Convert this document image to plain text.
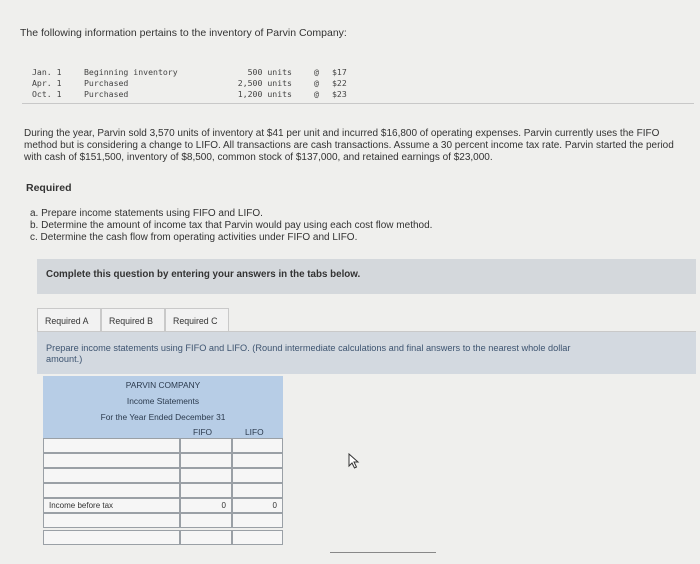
The following information pertains to the inventory of Parvin Company:
Jan. 1	Beginning inventory	500 units	@ $17
Apr. 1	Purchased	2,500 units	@ $22
Oct. 1	Purchased	1,200 units	@ $23
During the year, Parvin sold 3,570 units of inventory at $41 per unit and incurred $16,800 of operating expenses. Parvin currently uses the FIFO method but is considering a change to LIFO. All transactions are cash transactions. Assume a 30 percent income tax rate. Parvin started the period with cash of $151,500, inventory of $8,500, common stock of $137,000, and retained earnings of $23,000.
Required
a. Prepare income statements using FIFO and LIFO.
b. Determine the amount of income tax that Parvin would pay using each cost flow method.
c. Determine the cash flow from operating activities under FIFO and LIFO.
Complete this question by entering your answers in the tabs below.
Required A Required B Required C
Prepare income statements using FIFO and LIFO. (Round intermediate calculations and final answers to the nearest whole dollar amount.)
PARVIN COMPANY
Income Statements
For the Year Ended December 31
FIFO	LIFO
Income before tax	0	0
